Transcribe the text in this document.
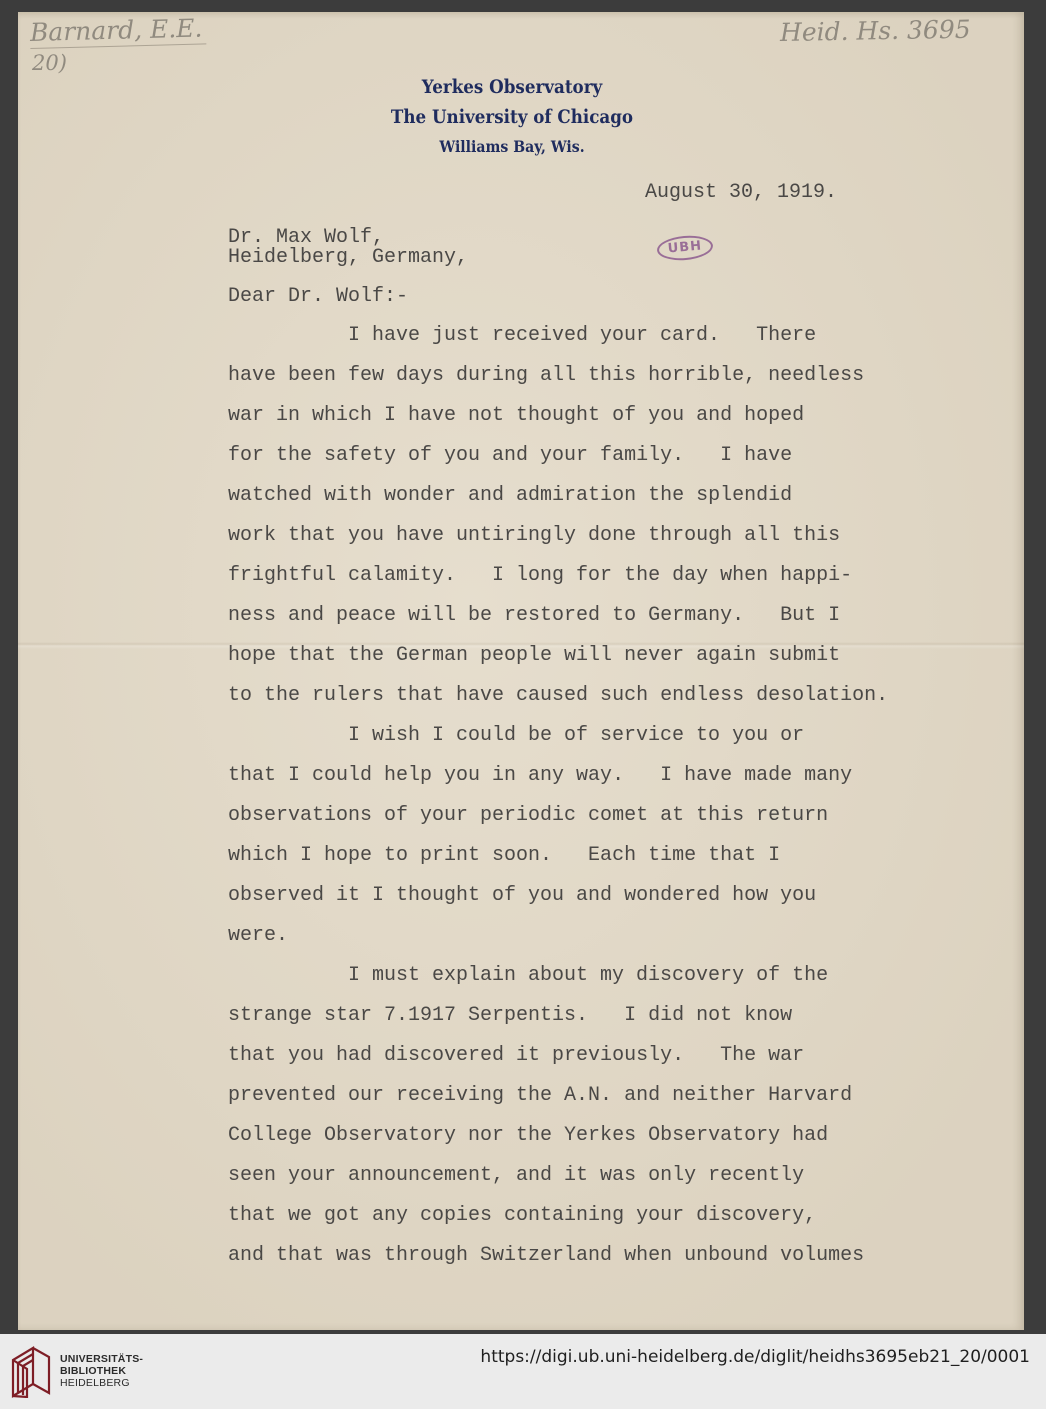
Barnard, E.E.
20)
Heid. Hs. 3695
Yerkes Observatory
The University of Chicago
Williams Bay, Wis.
August 30, 1919.
Dr. Max Wolf,
Heidelberg, Germany,	UBH
Dear Dr. Wolf:-
I have just received your card.   There
have been few days during all this horrible, needless
war in which I have not thought of you and hoped
for the safety of you and your family.   I have
watched with wonder and admiration the splendid
work that you have untiringly done through all this
frightful calamity.   I long for the day when happi-
ness and peace will be restored to Germany.   But I
hope that the German people will never again submit
to the rulers that have caused such endless desolation.
I wish I could be of service to you or
that I could help you in any way.   I have made many
observations of your periodic comet at this return
which I hope to print soon.   Each time that I
observed it I thought of you and wondered how you
were.
I must explain about my discovery of the
strange star 7.1917 Serpentis.   I did not know
that you had discovered it previously.   The war
prevented our receiving the A.N. and neither Harvard
College Observatory nor the Yerkes Observatory had
seen your announcement, and it was only recently
that we got any copies containing your discovery,
and that was through Switzerland when unbound volumes
UNIVERSITÄTS-
BIBLIOTHEK
HEIDELBERG
https://digi.ub.uni-heidelberg.de/diglit/heidhs3695eb21_20/0001
